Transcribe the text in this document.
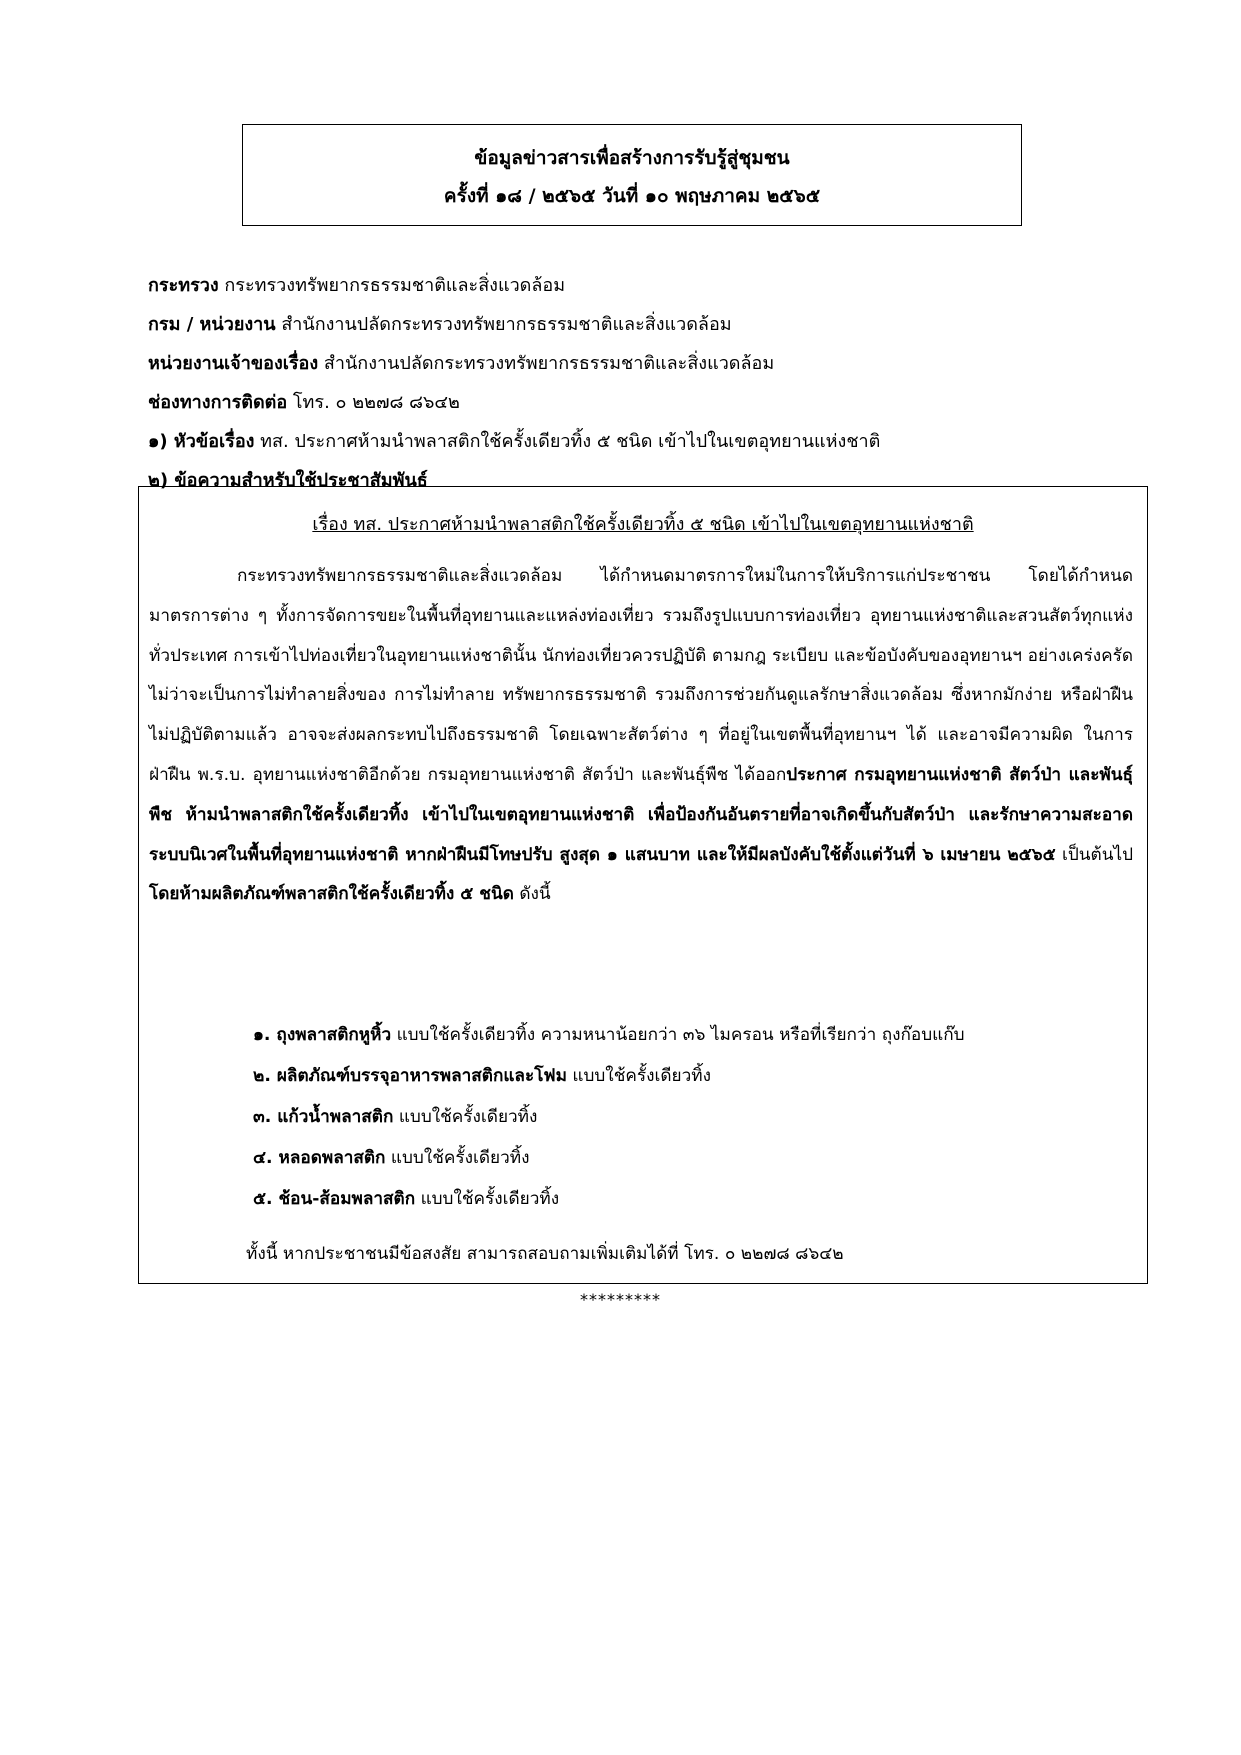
ข้อมูลข่าวสารเพื่อสร้างการรับรู้สู่ชุมชน
ครั้งที่ ๑๘ / ๒๕๖๕ วันที่ ๑๐ พฤษภาคม ๒๕๖๕
กระทรวง กระทรวงทรัพยากรธรรมชาติและสิ่งแวดล้อม
กรม / หน่วยงาน สำนักงานปลัดกระทรวงทรัพยากรธรรมชาติและสิ่งแวดล้อม
หน่วยงานเจ้าของเรื่อง สำนักงานปลัดกระทรวงทรัพยากรธรรมชาติและสิ่งแวดล้อม
ช่องทางการติดต่อ โทร. ๐ ๒๒๗๘ ๘๖๔๒
๑) หัวข้อเรื่อง ทส. ประกาศห้ามนำพลาสติกใช้ครั้งเดียวทิ้ง ๕ ชนิด เข้าไปในเขตอุทยานแห่งชาติ
๒) ข้อความสำหรับใช้ประชาสัมพันธ์
เรื่อง ทส. ประกาศห้ามนำพลาสติกใช้ครั้งเดียวทิ้ง ๕ ชนิด เข้าไปในเขตอุทยานแห่งชาติ

กระทรวงทรัพยากรธรรมชาติและสิ่งแวดล้อม ได้กำหนดมาตรการใหม่ในการให้บริการแก่ประชาชน โดยได้กำหนดมาตรการต่าง ๆ ทั้งการจัดการขยะในพื้นที่อุทยานและแหล่งท่องเที่ยว รวมถึงรูปแบบการท่องเที่ยว อุทยานแห่งชาติและสวนสัตว์ทุกแห่งทั่วประเทศ การเข้าไปท่องเที่ยวในอุทยานแห่งชาตินั้น นักท่องเที่ยวควรปฏิบัติ ตามกฎ ระเบียบ และข้อบังคับของอุทยานฯ อย่างเคร่งครัด ไม่ว่าจะเป็นการไม่ทำลายสิ่งของ การไม่ทำลาย ทรัพยากรธรรมชาติ รวมถึงการช่วยกันดูแลรักษาสิ่งแวดล้อม ซึ่งหากมักง่าย หรือฝ่าฝืน ไม่ปฏิบัติตามแล้ว อาจจะส่งผลกระทบไปถึงธรรมชาติ โดยเฉพาะสัตว์ต่าง ๆ ที่อยู่ในเขตพื้นที่อุทยานฯ ได้ และอาจมีความผิด ในการฝ่าฝืน พ.ร.บ. อุทยานแห่งชาติอีกด้วย กรมอุทยานแห่งชาติ สัตว์ป่า และพันธุ์พืช ได้ออกประกาศ กรมอุทยานแห่งชาติ สัตว์ป่า และพันธุ์พืช ห้ามนำพลาสติกใช้ครั้งเดียวทิ้ง เข้าไปในเขตอุทยานแห่งชาติ เพื่อป้องกันอันตรายที่อาจเกิดขึ้นกับสัตว์ป่า และรักษาความสะอาดระบบนิเวศในพื้นที่อุทยานแห่งชาติ หากฝ่าฝืนมีโทษปรับ สูงสุด ๑ แสนบาท และให้มีผลบังคับใช้ตั้งแต่วันที่ ๖ เมษายน ๒๕๖๕ เป็นต้นไป โดยห้ามผลิตภัณฑ์พลาสติกใช้ครั้งเดียวทิ้ง ๕ ชนิด ดังนี้

๑. ถุงพลาสติกหูหิ้ว แบบใช้ครั้งเดียวทิ้ง ความหนาน้อยกว่า ๓๖ ไมครอน หรือที่เรียกว่า ถุงก๊อบแก๊บ
๒. ผลิตภัณฑ์บรรจุอาหารพลาสติกและโฟม แบบใช้ครั้งเดียวทิ้ง
๓. แก้วน้ำพลาสติก แบบใช้ครั้งเดียวทิ้ง
๔. หลอดพลาสติก แบบใช้ครั้งเดียวทิ้ง
๕. ช้อน-ส้อมพลาสติก แบบใช้ครั้งเดียวทิ้ง
ทั้งนี้ หากประชาชนมีข้อสงสัย สามารถสอบถามเพิ่มเติมได้ที่ โทร. ๐ ๒๒๗๘ ๘๖๔๒
*********
